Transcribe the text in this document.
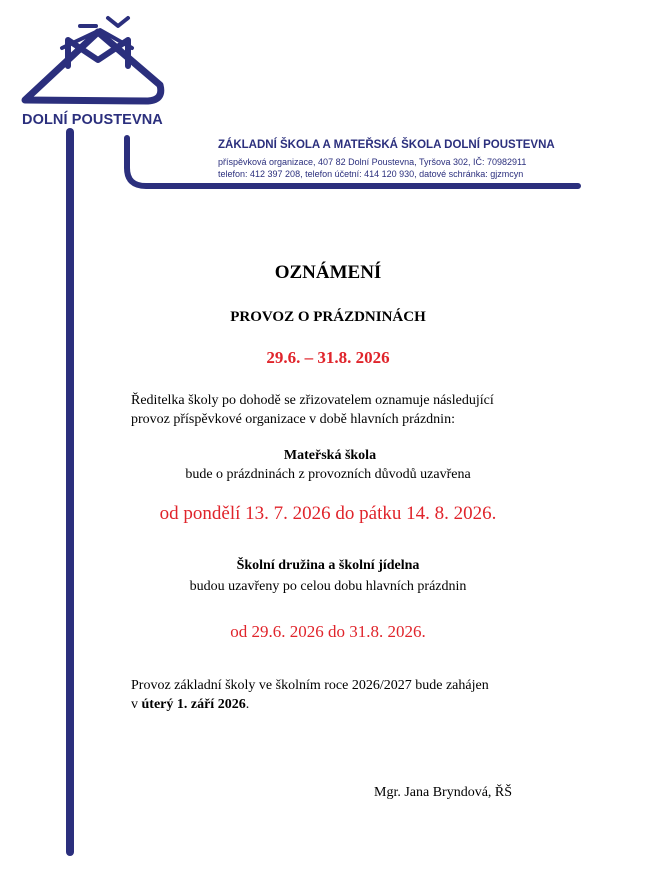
DOLNÍ POUSTEVNA
ZÁKLADNÍ ŠKOLA A MATEŘSKÁ ŠKOLA DOLNÍ POUSTEVNA
příspěvková organizace, 407 82 Dolní Poustevna, Tyršova 302, IČ: 70982911
telefon: 412 397 208, telefon účetní: 414 120 930, datové schránka: gjzmcyn
OZNÁMENÍ
PROVOZ O PRÁZDNINÁCH
29.6. – 31.8. 2026
Ředitelka školy po dohodě se zřizovatelem oznamuje následující
provoz příspěvkové organizace v době hlavních prázdnin:
Mateřská škola
bude o prázdninách z provozních důvodů uzavřena
od pondělí 13. 7. 2026 do pátku 14. 8. 2026.
Školní družina a školní jídelna
budou uzavřeny po celou dobu hlavních prázdnin
od 29.6. 2026 do 31.8. 2026.
Provoz základní školy ve školním roce 2026/2027 bude zahájen
v úterý 1. září 2026.
Mgr. Jana Bryndová, ŘŠ
